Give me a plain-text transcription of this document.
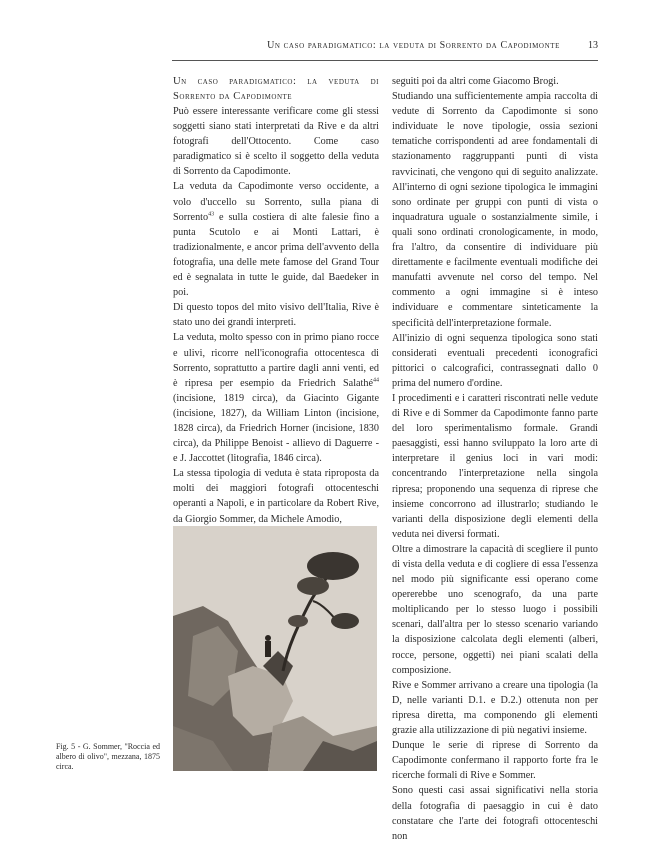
Un caso paradigmatico: la veduta di Sorrento da Capodimonte	13

Un caso paradigmatico: la veduta di Sorrento da Capodimonte

Può essere interessante verificare come gli stessi soggetti siano stati interpretati da Rive e da altri fotografi dell'Ottocento. Come caso paradigmatico si è scelto il soggetto della veduta di Sorrento da Capodimonte.

La veduta da Capodimonte verso occidente, a volo d'uccello su Sorrento, sulla piana di Sorrento$^{43}$ e sulla costiera di alte falesie fino a punta Scutolo e ai Monti Lattari, è tradizionalmente, e ancor prima dell'avvento della fotografia, una delle mete famose del Grand Tour ed è segnalata in tutte le guide, dal Baedeker in poi.

Di questo topos del mito visivo dell'Italia, Rive è stato uno dei grandi interpreti.

La veduta, molto spesso con in primo piano rocce e ulivi, ricorre nell'iconografia ottocentesca di Sorrento, soprattutto a partire dagli anni venti, ed è ripresa per esempio da Friedrich Salathé$^{44}$ (incisione, 1819 circa), da Giacinto Gigante (incisione, 1827), da William Linton (incisione, 1828 circa), da Friedrich Horner (incisione, 1830 circa), da Philippe Benoist - allievo di Daguerre - e J. Jaccottet (litografia, 1846 circa).

La stessa tipologia di veduta è stata riproposta da molti dei maggiori fotografi ottocenteschi operanti a Napoli, e in particolare da Robert Rive, da Giorgio Sommer, da Michele Amodio,

Fig. 5 - G. Sommer, "Roccia ed albero di olivo", mezzana, 1875 circa.

seguiti poi da altri come Giacomo Brogi.

Studiando una sufficientemente ampia raccolta di vedute di Sorrento da Capodimonte si sono individuate le nove tipologie, ossia sezioni tematiche corrispondenti ad aree fondamentali di stazionamento raggruppanti punti di vista ravvicinati, che vengono qui di seguito analizzate. All'interno di ogni sezione tipologica le immagini sono ordinate per gruppi con punti di vista o inquadratura uguale o sostanzialmente simile, i quali sono ordinati cronologicamente, in modo, fra l'altro, da consentire di individuare più direttamente e facilmente eventuali modifiche dei manufatti avvenute nel corso del tempo. Nel commento a ogni immagine si è inteso individuare e commentare sinteticamente la specificità dell'interpretazione formale.

All'inizio di ogni sequenza tipologica sono stati considerati eventuali precedenti iconografici pittorici o calcografici, contrassegnati dallo 0 prima del numero d'ordine.

I procedimenti e i caratteri riscontrati nelle vedute di Rive e di Sommer da Capodimonte fanno parte del loro sperimentalismo formale. Grandi paesaggisti, essi hanno sviluppato la loro arte di interpretare il genius loci in vari modi: concentrando l'interpretazione nella singola ripresa; proponendo una sequenza di riprese che insieme concorrono ad illustrarlo; studiando le varianti della disposizione degli elementi della veduta nei diversi formati.

Oltre a dimostrare la capacità di scegliere il punto di vista della veduta e di cogliere di essa l'essenza nel modo più significante essi operano come opererebbe uno scenografo, da una parte moltiplicando per lo stesso luogo i possibili scenari, dall'altra per lo stesso scenario variando la disposizione calcolata degli elementi (alberi, rocce, persone, oggetti) nei piani scalati della composizione.

Rive e Sommer arrivano a creare una tipologia (la D, nelle varianti D.1. e D.2.) ottenuta non per ripresa diretta, ma componendo gli elementi grazie alla utilizzazione di più negativi insieme.

Dunque le serie di riprese di Sorrento da Capodimonte confermano il rapporto forte fra le ricerche formali di Rive e Sommer.

Sono questi casi assai significativi nella storia della fotografia di paesaggio in cui è dato constatare che l'arte dei fotografi ottocenteschi non
